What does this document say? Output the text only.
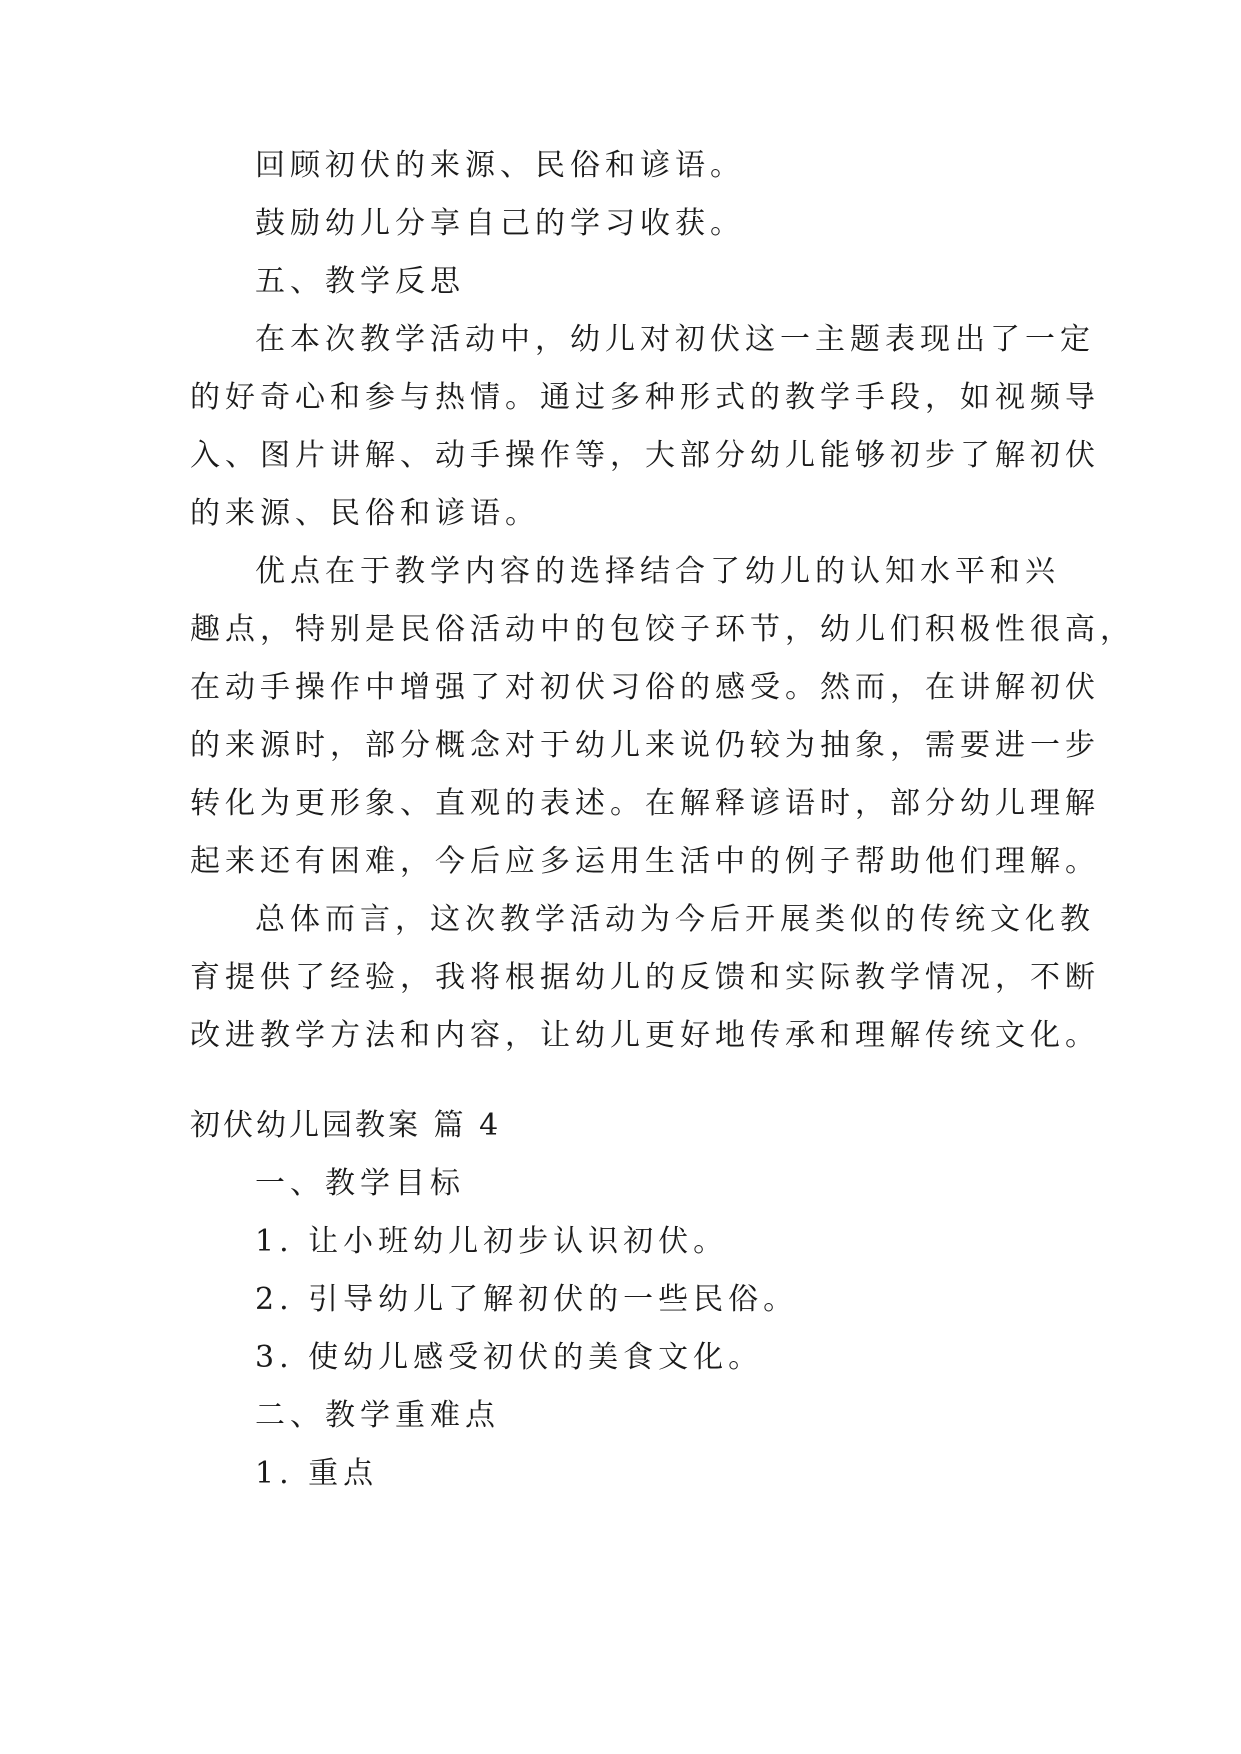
回顾初伏的来源、民俗和谚语。
鼓励幼儿分享自己的学习收获。
五、教学反思
在本次教学活动中，幼儿对初伏这一主题表现出了一定
的好奇心和参与热情。通过多种形式的教学手段，如视频导
入、图片讲解、动手操作等，大部分幼儿能够初步了解初伏
的来源、民俗和谚语。
优点在于教学内容的选择结合了幼儿的认知水平和兴
趣点，特别是民俗活动中的包饺子环节，幼儿们积极性很高，
在动手操作中增强了对初伏习俗的感受。然而，在讲解初伏
的来源时，部分概念对于幼儿来说仍较为抽象，需要进一步
转化为更形象、直观的表述。在解释谚语时，部分幼儿理解
起来还有困难，今后应多运用生活中的例子帮助他们理解。
总体而言，这次教学活动为今后开展类似的传统文化教
育提供了经验，我将根据幼儿的反馈和实际教学情况，不断
改进教学方法和内容，让幼儿更好地传承和理解传统文化。
初伏幼儿园教案 篇 4
一、教学目标
1. 让小班幼儿初步认识初伏。
2. 引导幼儿了解初伏的一些民俗。
3. 使幼儿感受初伏的美食文化。
二、教学重难点
1. 重点
